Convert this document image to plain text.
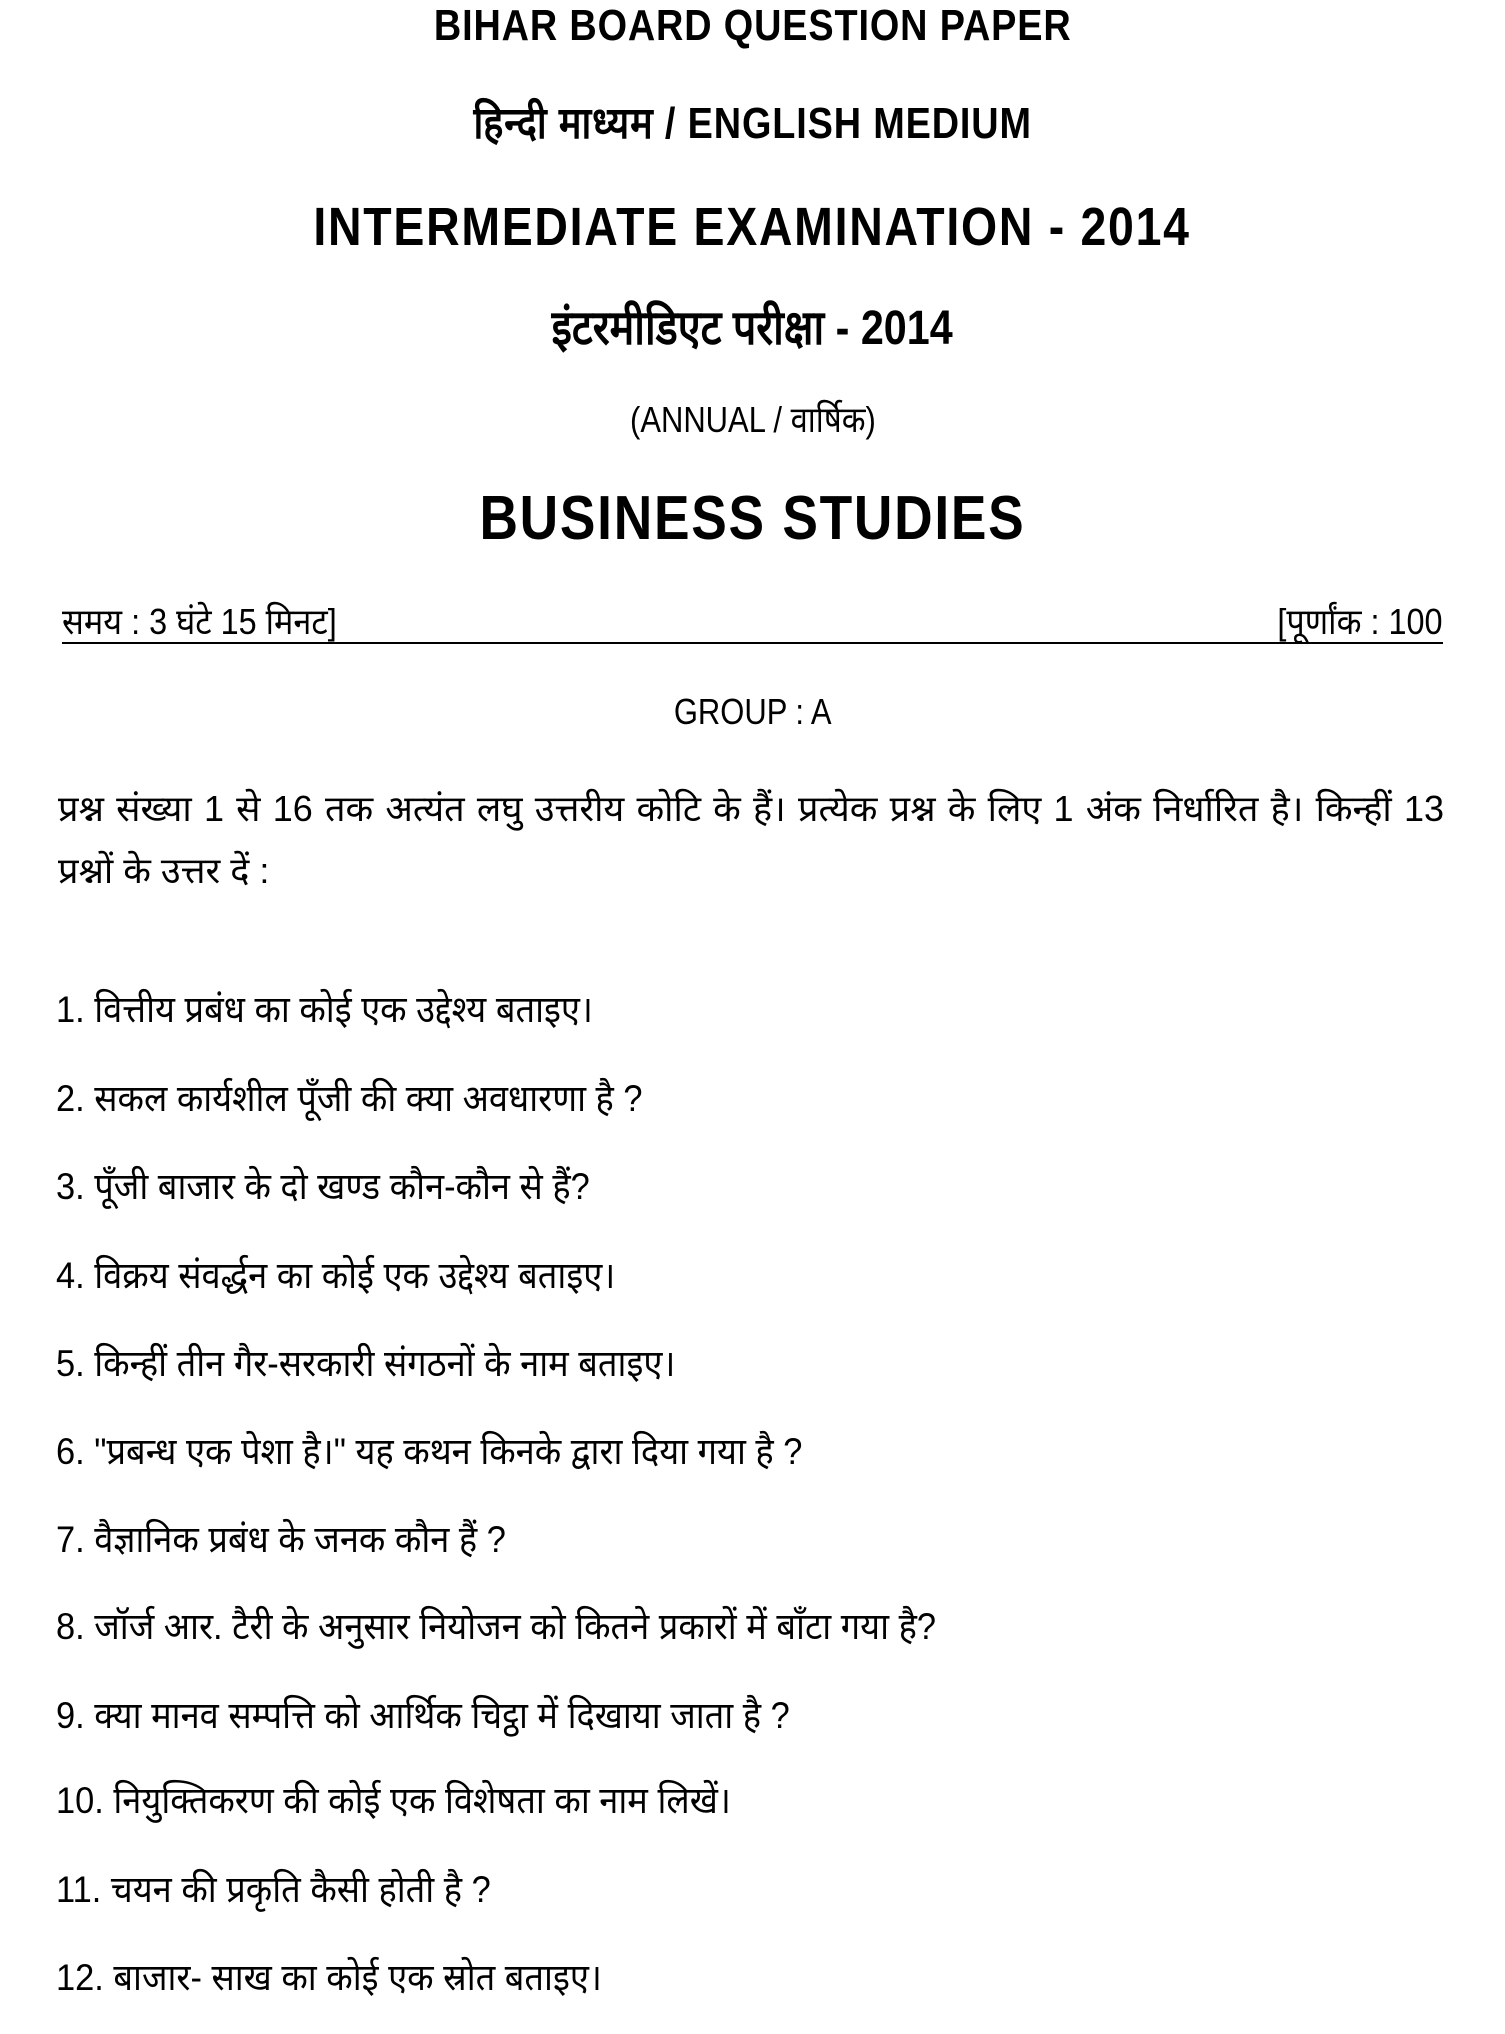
BIHAR BOARD QUESTION PAPER
हिन्दी माध्यम / ENGLISH MEDIUM
INTERMEDIATE EXAMINATION - 2014
इंटरमीडिएट परीक्षा - 2014
(ANNUAL / वार्षिक)
BUSINESS STUDIES
समय : 3 घंटे 15 मिनट]	[पूर्णांक : 100
GROUP : A
प्रश्न संख्या 1 से 16 तक अत्यंत लघु उत्तरीय कोटि के हैं। प्रत्येक प्रश्न के लिए 1 अंक निर्धारित है। किन्हीं 13 प्रश्नों के उत्तर दें :
1. वित्तीय प्रबंध का कोई एक उद्देश्य बताइए।
2. सकल कार्यशील पूँजी की क्या अवधारणा है ?
3. पूँजी बाजार के दो खण्ड कौन-कौन से हैं?
4. विक्रय संवर्द्धन का कोई एक उद्देश्य बताइए।
5. किन्हीं तीन गैर-सरकारी संगठनों के नाम बताइए।
6. "प्रबन्ध एक पेशा है।" यह कथन किनके द्वारा दिया गया है ?
7. वैज्ञानिक प्रबंध के जनक कौन हैं ?
8. जॉर्ज आर. टैरी के अनुसार नियोजन को कितने प्रकारों में बाँटा गया है?
9. क्या मानव सम्पत्ति को आर्थिक चिट्ठा में दिखाया जाता है ?
10. नियुक्तिकरण की कोई एक विशेषता का नाम लिखें।
11. चयन की प्रकृति कैसी होती है ?
12. बाजार- साख का कोई एक स्रोत बताइए।
